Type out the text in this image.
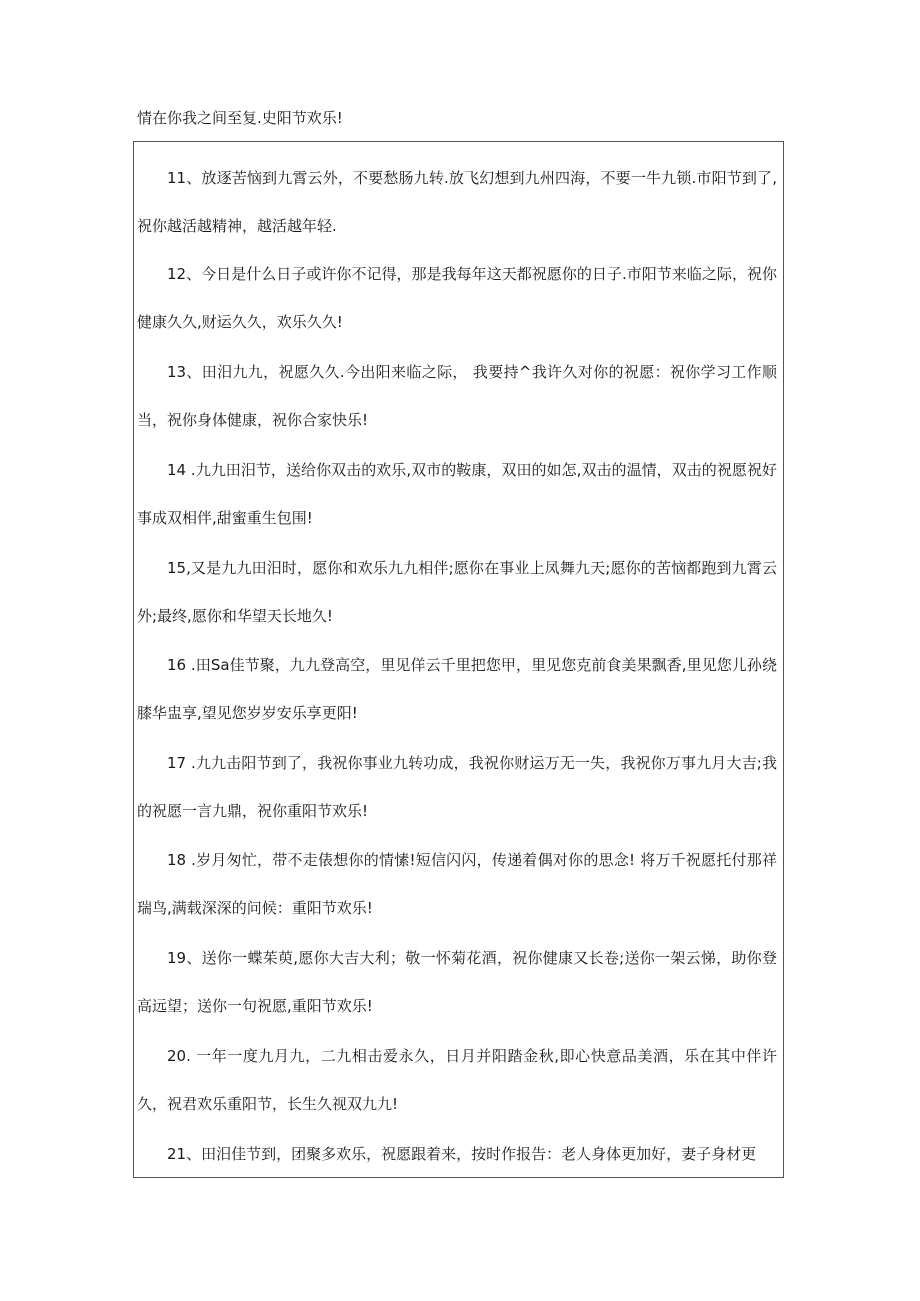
情在你我之间至复.史阳节欢乐!

11、放逐苦恼到九霄云外，不要愁肠九转.放飞幻想到九州四海，不要一牛九锁.市阳节到了,祝你越活越精神，越活越年轻.

12、今日是什么日子或许你不记得，那是我每年这天都祝愿你的日子.市阳节来临之际，祝你健康久久,财运久久，欢乐久久!

13、田汨九九，祝愿久久.今出阳来临之际， 我要持^我许久对你的祝愿：祝你学习工作顺当，祝你身体健康，祝你合家快乐!

14 .九九田汨节，送给你双击的欢乐,双市的鞍康，双田的如怎,双击的温情，双击的祝愿祝好事成双相伴,甜蜜重生包围!

15,又是九九田汨时，愿你和欢乐九九相伴;愿你在事业上凤舞九天;愿你的苦恼都跑到九霄云外;最终,愿你和华望天长地久!

16 .田Sa佳节聚，九九登高空，里见佯云千里把您甲，里见您克前食美果飘香,里见您儿孙绕膝华盅享,望见您岁岁安乐享更阳!

17 .九九击阳节到了，我祝你事业九转功成，我祝你财运万无一失，我祝你万事九月大吉;我的祝愿一言九鼎，祝你重阳节欢乐!

18 .岁月匆忙，带不走俵想你的情愫!短信闪闪，传递着偶对你的思念! 将万千祝愿托付那祥瑞鸟,满载深深的问候：重阳节欢乐!

19、送你一蝶茱萸,愿你大吉大利；敬一怀菊花酒，祝你健康又长卷;送你一架云悌，助你登高远望；送你一句祝愿,重阳节欢乐!

20. 一年一度九月九，二九相击爱永久，日月并阳踏金秋,即心快意品美酒，乐在其中伴许久，祝君欢乐重阳节，长生久视双九九!

21、田汨佳节到，团聚多欢乐，祝愿跟着来，按时作报告：老人身体更加好，妻子身材更
